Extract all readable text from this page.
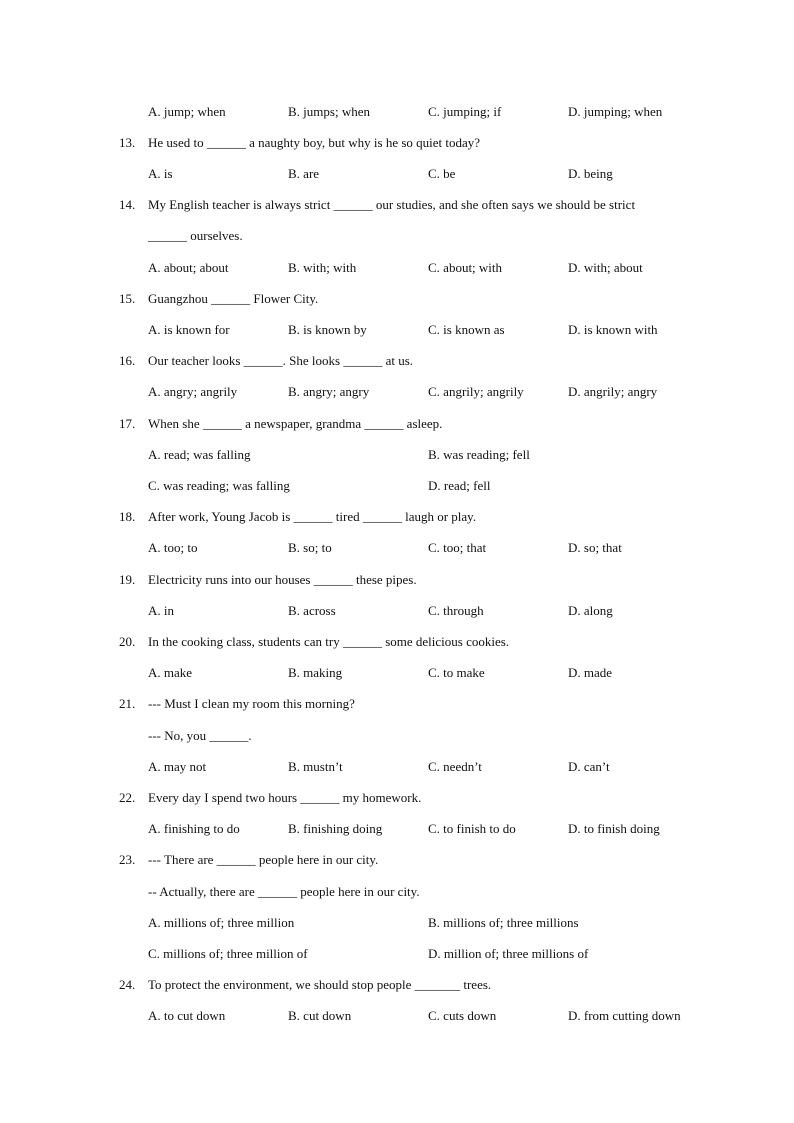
A. jump; when	B. jumps; when	C. jumping; if	D. jumping; when
13. He used to ______ a naughty boy, but why is he so quiet today?
A. is	B. are	C. be	D. being
14. My English teacher is always strict ______ our studies, and she often says we should be strict
______ ourselves.
A. about; about	B. with; with	C. about; with	D. with; about
15. Guangzhou ______ Flower City.
A. is known for	B. is known by	C. is known as	D. is known with
16. Our teacher looks ______. She looks ______ at us.
A. angry; angrily	B. angry; angry	C. angrily; angrily	D. angrily; angry
17. When she ______ a newspaper, grandma ______ asleep.
A. read; was falling	B. was reading; fell
C. was reading; was falling	D. read; fell
18. After work, Young Jacob is ______ tired ______ laugh or play.
A. too; to	B. so; to	C. too; that	D. so; that
19. Electricity runs into our houses ______ these pipes.
A. in	B. across	C. through	D. along
20. In the cooking class, students can try ______ some delicious cookies.
A. make	B. making	C. to make	D. made
21. --- Must I clean my room this morning?
--- No, you ______.
A. may not	B. mustn’t	C. needn’t	D. can’t
22. Every day I spend two hours ______ my homework.
A. finishing to do	B. finishing doing	C. to finish to do	D. to finish doing
23. --- There are ______ people here in our city.
-- Actually, there are ______ people here in our city.
A. millions of; three million	B. millions of; three millions
C. millions of; three million of	D. million of; three millions of
24. To protect the environment, we should stop people _______ trees.
A. to cut down	B. cut down	C. cuts down	D. from cutting down
